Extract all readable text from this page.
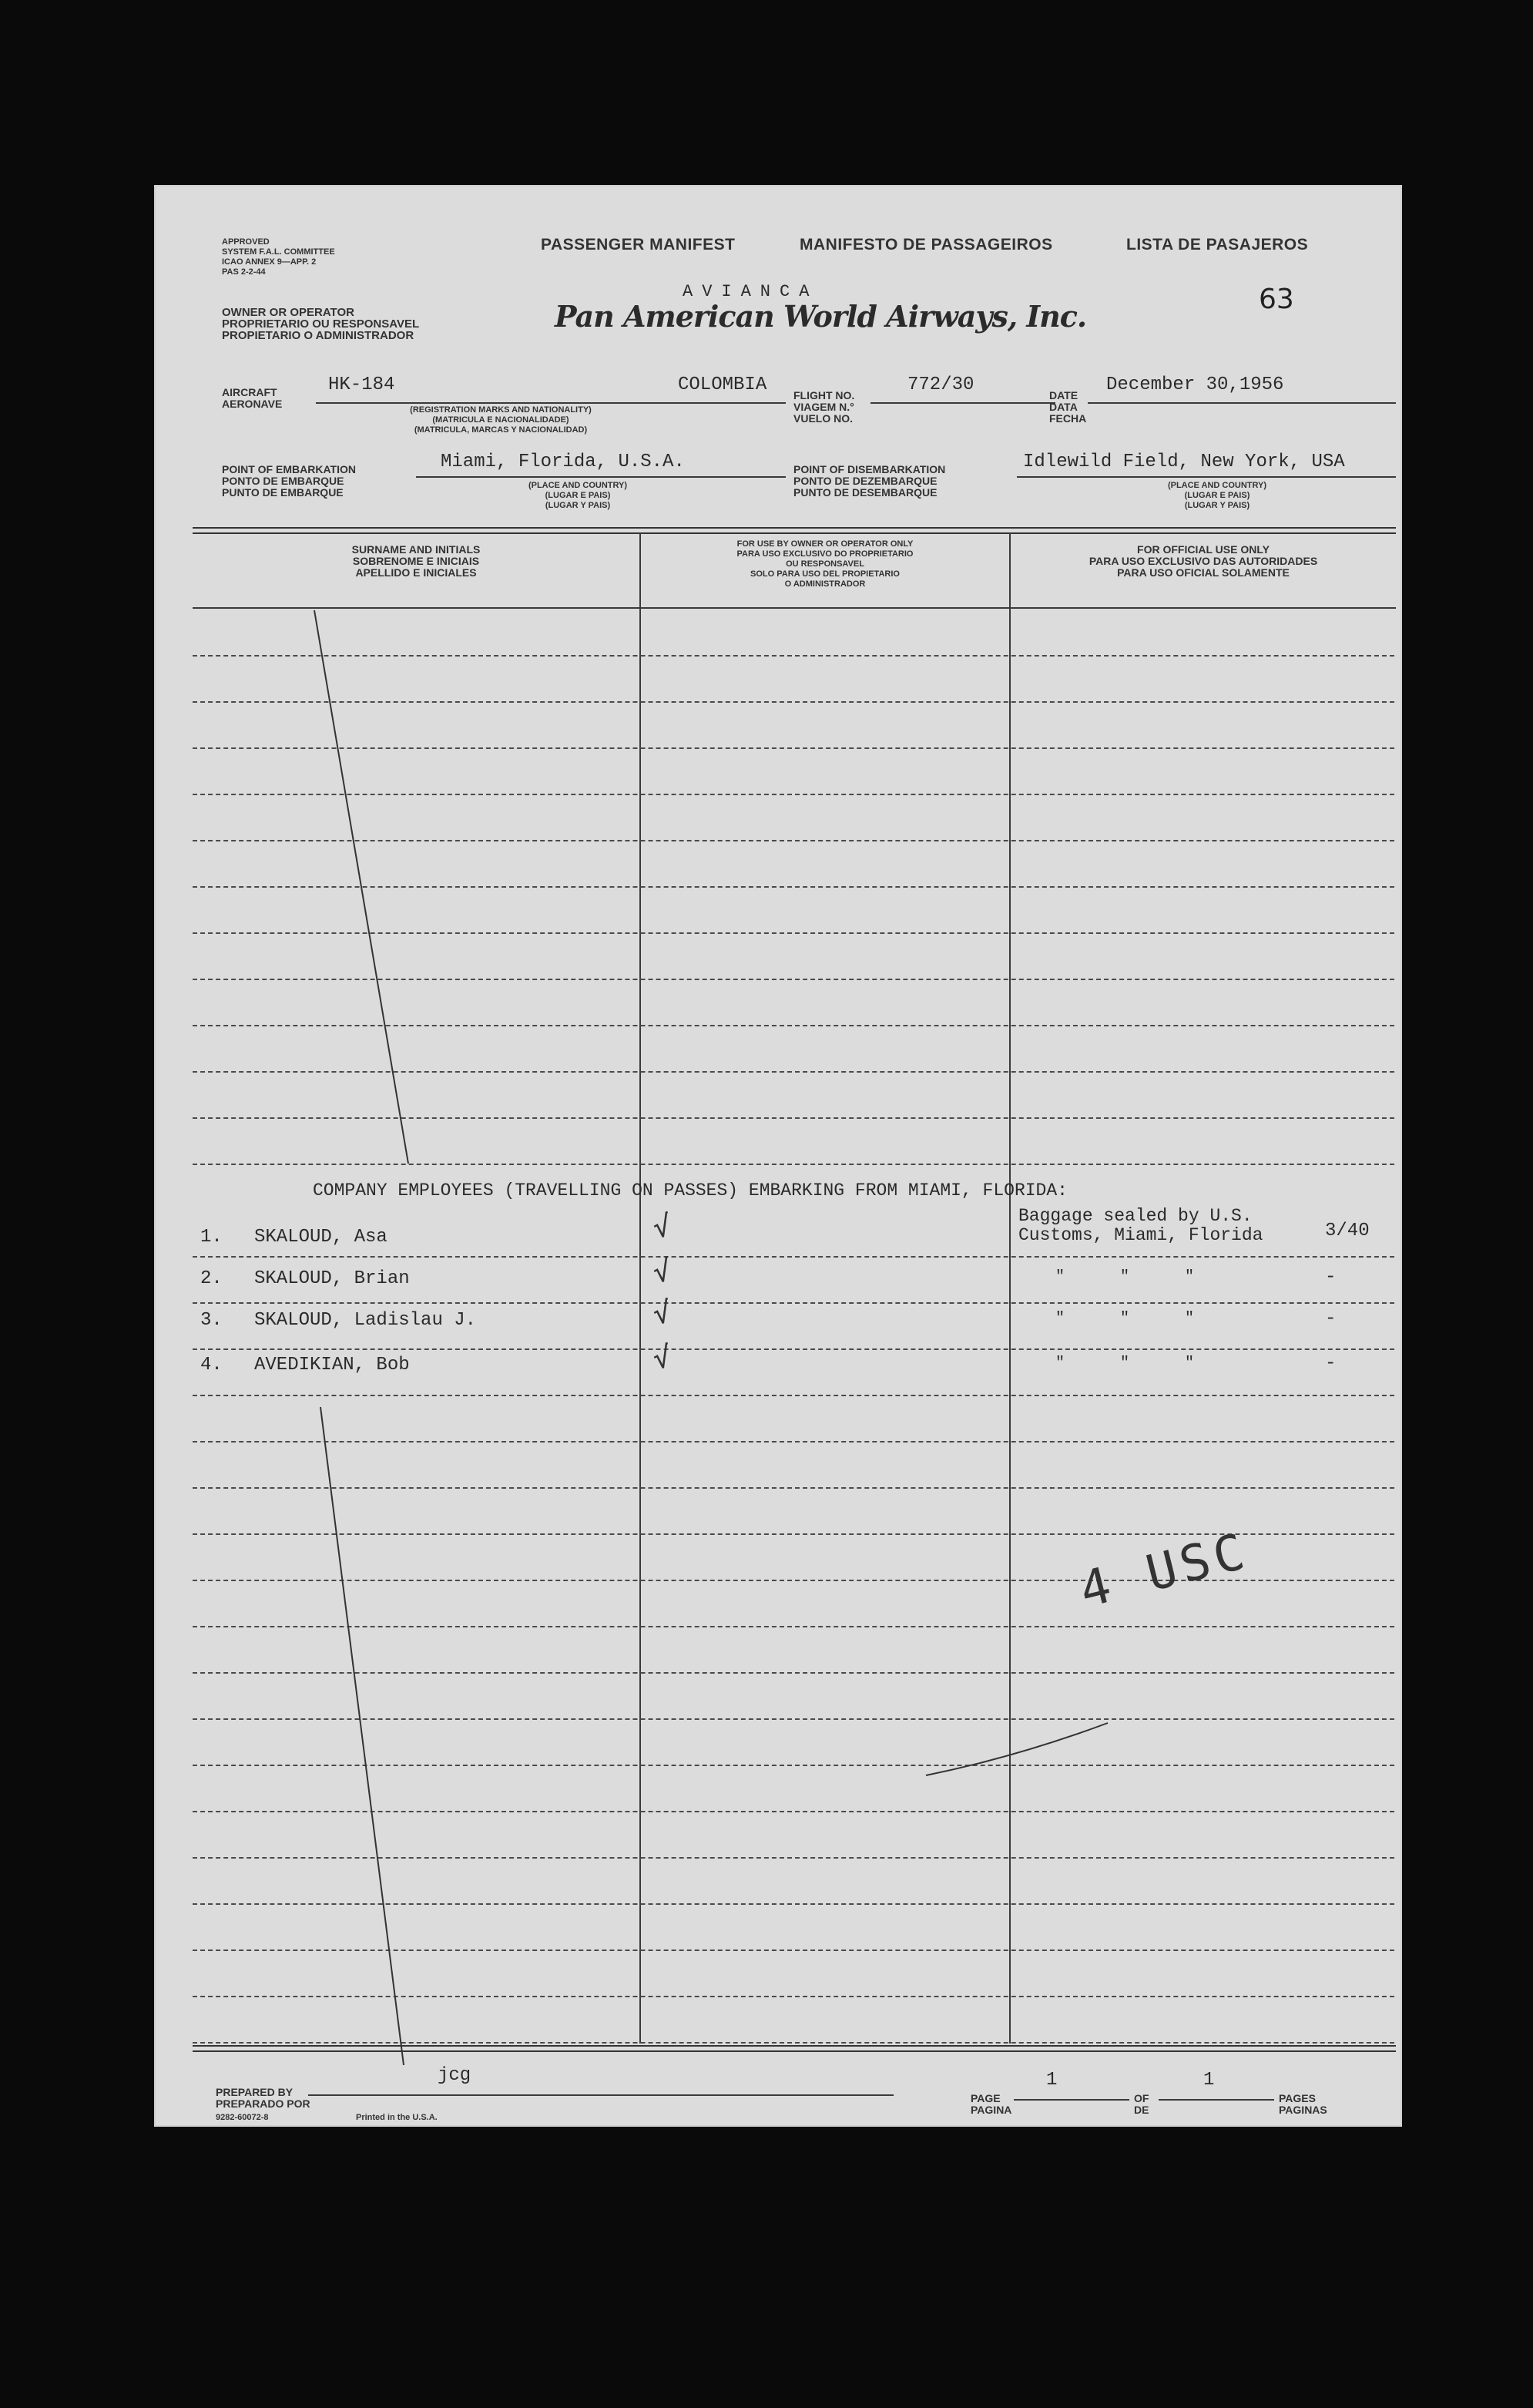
APPROVED
SYSTEM F.A.L. COMMITTEE
ICAO ANNEX 9—APP. 2
PAS 2-2-44
OWNER OR OPERATOR
PROPRIETARIO OU RESPONSAVEL
PROPIETARIO O ADMINISTRADOR
PASSENGER MANIFEST	MANIFESTO DE PASSAGEIROS	LISTA DE PASAJEROS
AVIANCA
Pan American World Airways, Inc.	63
AIRCRAFT
AERONAVE
HK-184	COLOMBIA
(REGISTRATION MARKS AND NATIONALITY)
(MATRICULA E NACIONALIDADE)
(MATRICULA, MARCAS Y NACIONALIDAD)
FLIGHT NO.
VIAGEM N.°
VUELO NO.
772/30	DATE
DATA
FECHA
December 30,1956
POINT OF EMBARKATION
PONTO DE EMBARQUE
PUNTO DE EMBARQUE
Miami, Florida, U.S.A.
(PLACE AND COUNTRY)
(LUGAR E PAIS)
(LUGAR Y PAIS)
POINT OF DISEMBARKATION
PONTO DE DEZEMBARQUE
PUNTO DE DESEMBARQUE
Idlewild Field, New York, USA
(PLACE AND COUNTRY)
(LUGAR E PAIS)
(LUGAR Y PAIS)
SURNAME AND INITIALS
SOBRENOME E INICIAIS
APELLIDO E INICIALES
FOR USE BY OWNER OR OPERATOR ONLY
PARA USO EXCLUSIVO DO PROPRIETARIO
OU RESPONSAVEL
SOLO PARA USO DEL PROPIETARIO
O ADMINISTRADOR
FOR OFFICIAL USE ONLY
PARA USO EXCLUSIVO DAS AUTORIDADES
PARA USO OFICIAL SOLAMENTE
COMPANY EMPLOYEES (TRAVELLING ON PASSES) EMBARKING FROM MIAMI, FLORIDA:
1. SKALOUD, Asa	√	Baggage sealed by U.S.
Customs, Miami, Florida	3/40
2. SKALOUD, Brian	√	"      "      "	-
3. SKALOUD, Ladislau J.	√	"      "      "	-
4. AVEDIKIAN, Bob	√	"      "      "	-
4 USC
PREPARED BY
PREPARADO POR
jcg
9282-60072-8	Printed in the U.S.A.
PAGE
PAGINA
1
OF
DE
1
PAGES
PAGINAS
